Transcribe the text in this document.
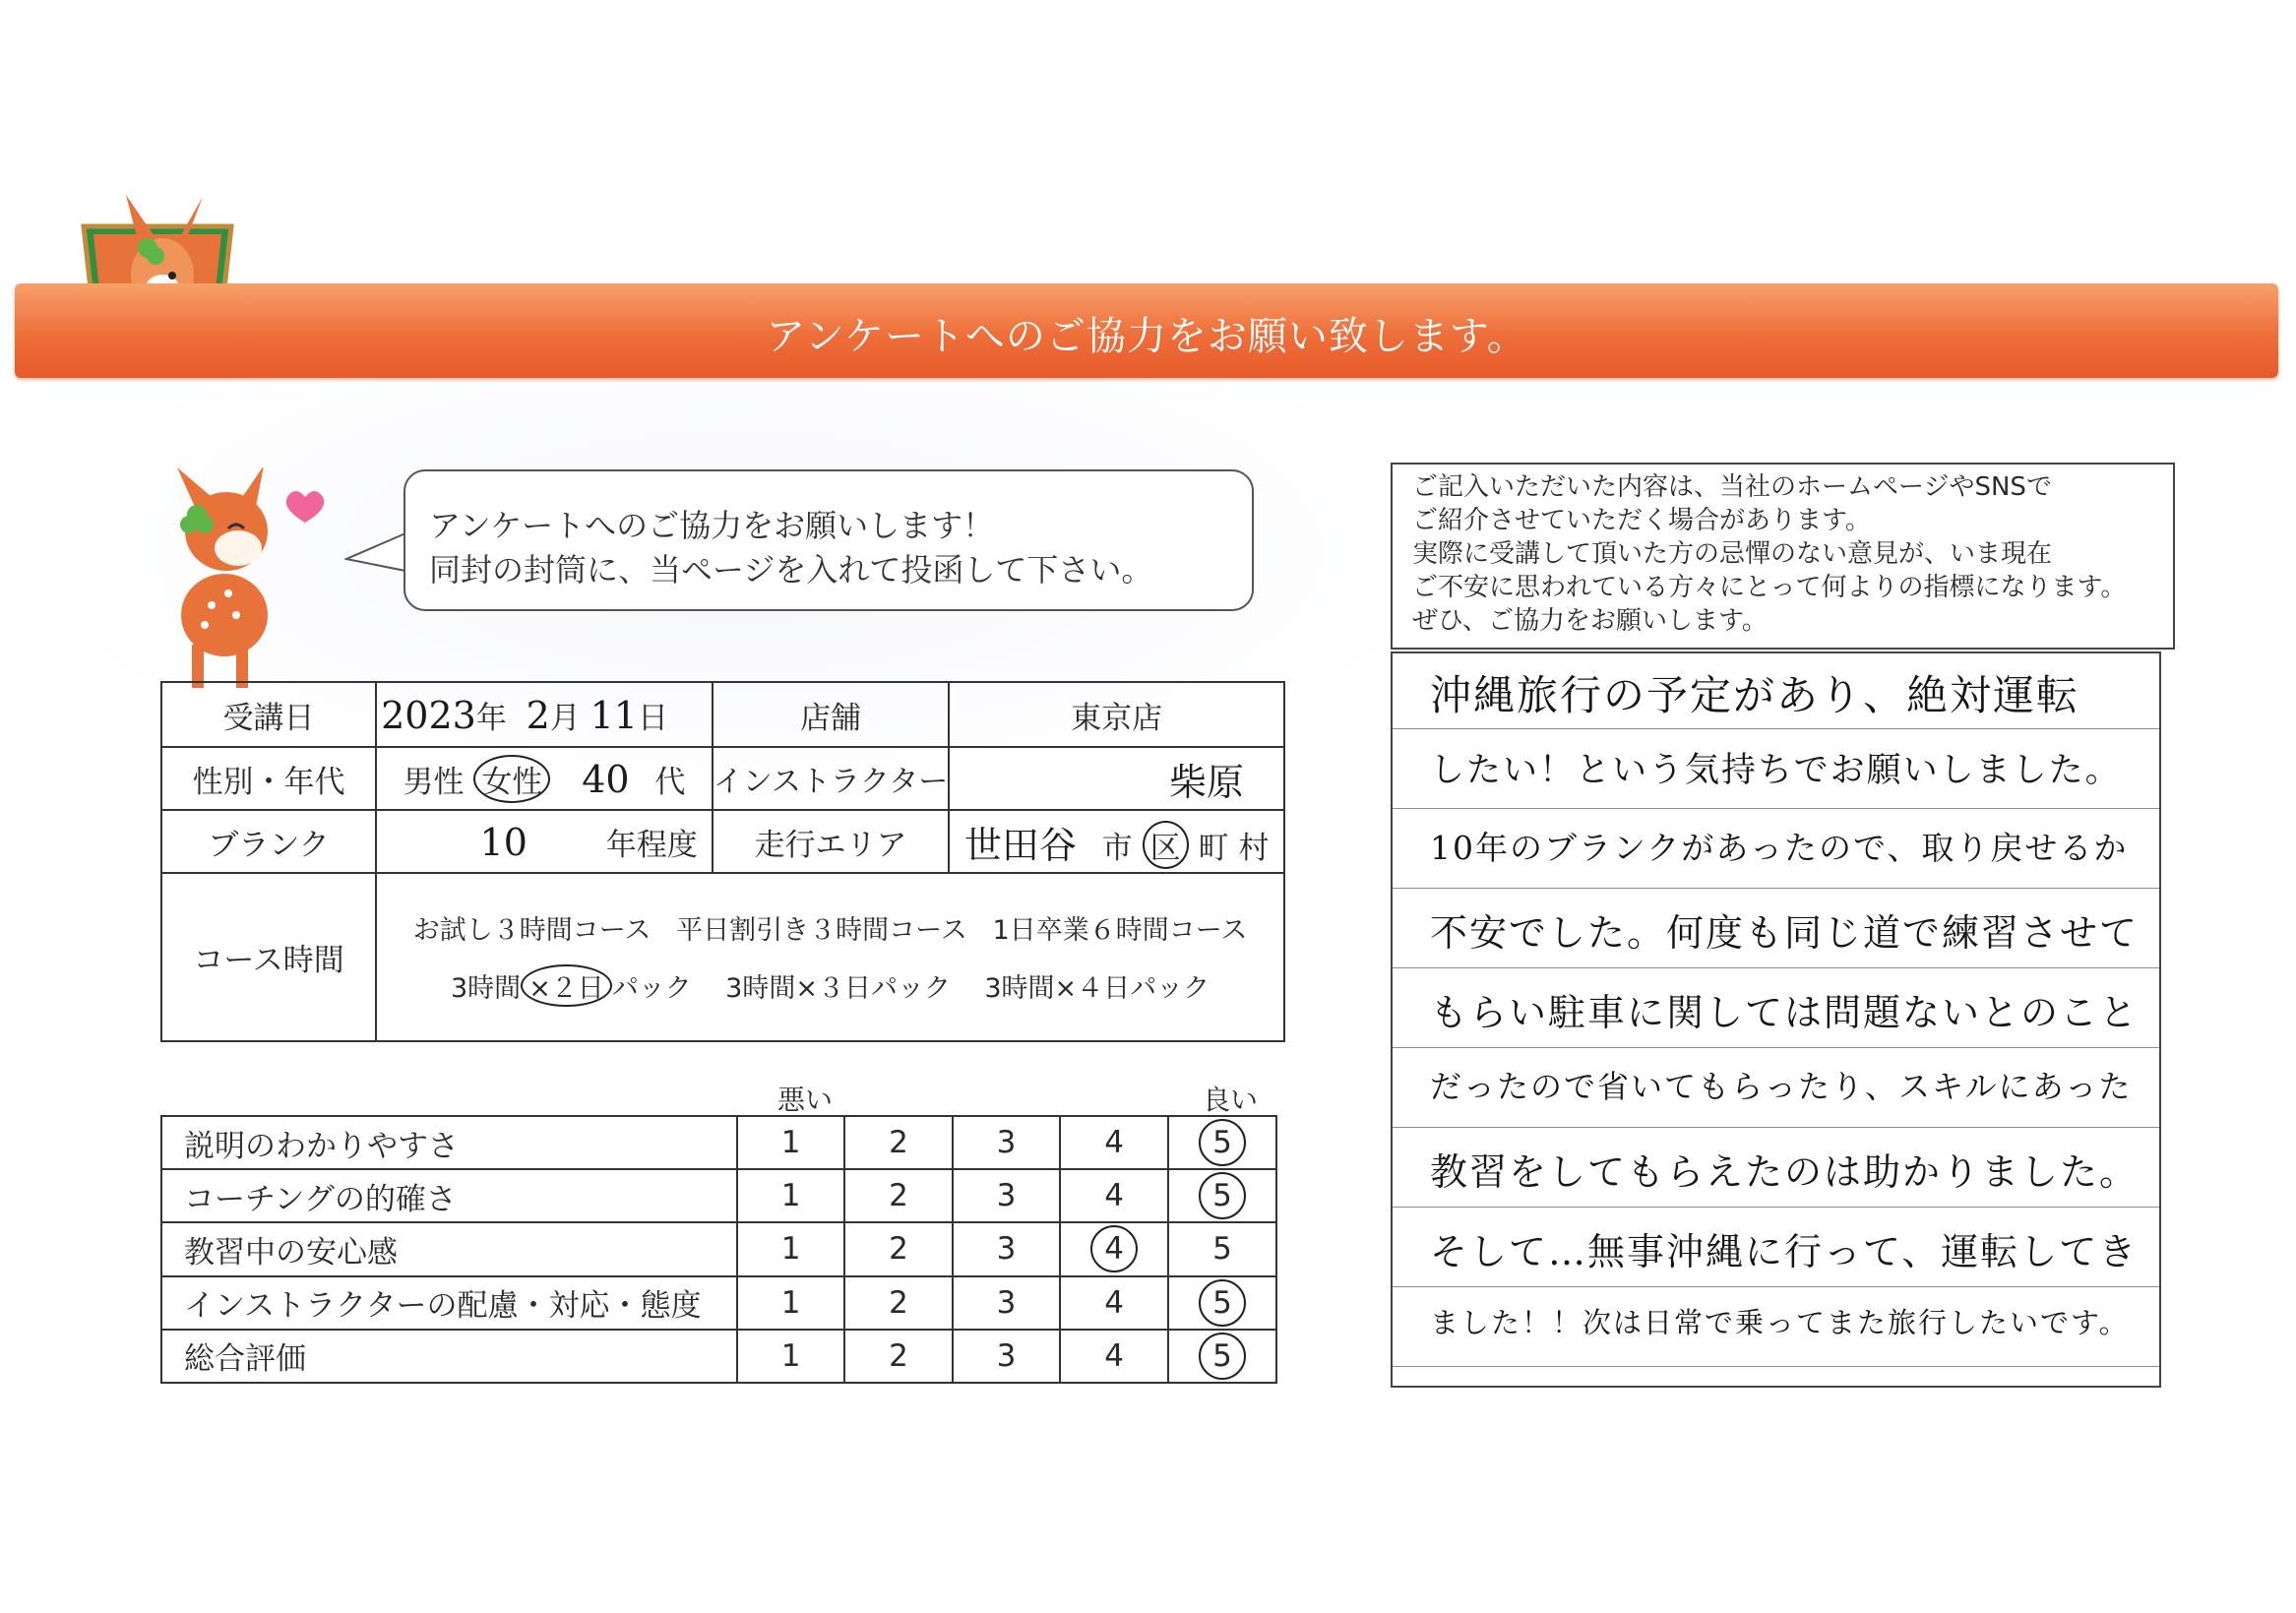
アンケートへのご協力をお願い致します。
アンケートへのご協力をお願いします！
同封の封筒に、当ページを入れて投函して下さい。
受講日	2023年 2月 11日	店舗	東京店
性別・年代	男性 女性 40 代	インストラクター	柴原
ブランク	10 年程度	走行エリア	世田谷 市 区 町 村
コース時間	お試し３時間コース 平日割引き３時間コース 1日卒業６時間コース
3時間 ×２日 パック 3時間×３日パック 3時間×４日パック		
悪い	良い
説明のわかりやすさ	1	2	3	4	5
コーチングの的確さ	1	2	3	4	5
教習中の安心感	1	2	3	4	5
インストラクターの配慮・対応・態度	1	2	3	4	5
総合評価	1	2	3	4	5
ご記入いただいた内容は、当社のホームページやSNSで
ご紹介させていただく場合があります。
実際に受講して頂いた方の忌憚のない意見が、いま現在
ご不安に思われている方々にとって何よりの指標になります。
ぜひ、ご協力をお願いします。
沖縄旅行の予定があり、絶対運転
したい！という気持ちでお願いしました。
10年のブランクがあったので、取り戻せるか
不安でした。何度も同じ道で練習させて
もらい駐車に関しては問題ないとのこと
だったので省いてもらったり、スキルにあった
教習をしてもらえたのは助かりました。
そして…無事沖縄に行って、運転してき
ました！！次は日常で乗ってまた旅行したいです。
